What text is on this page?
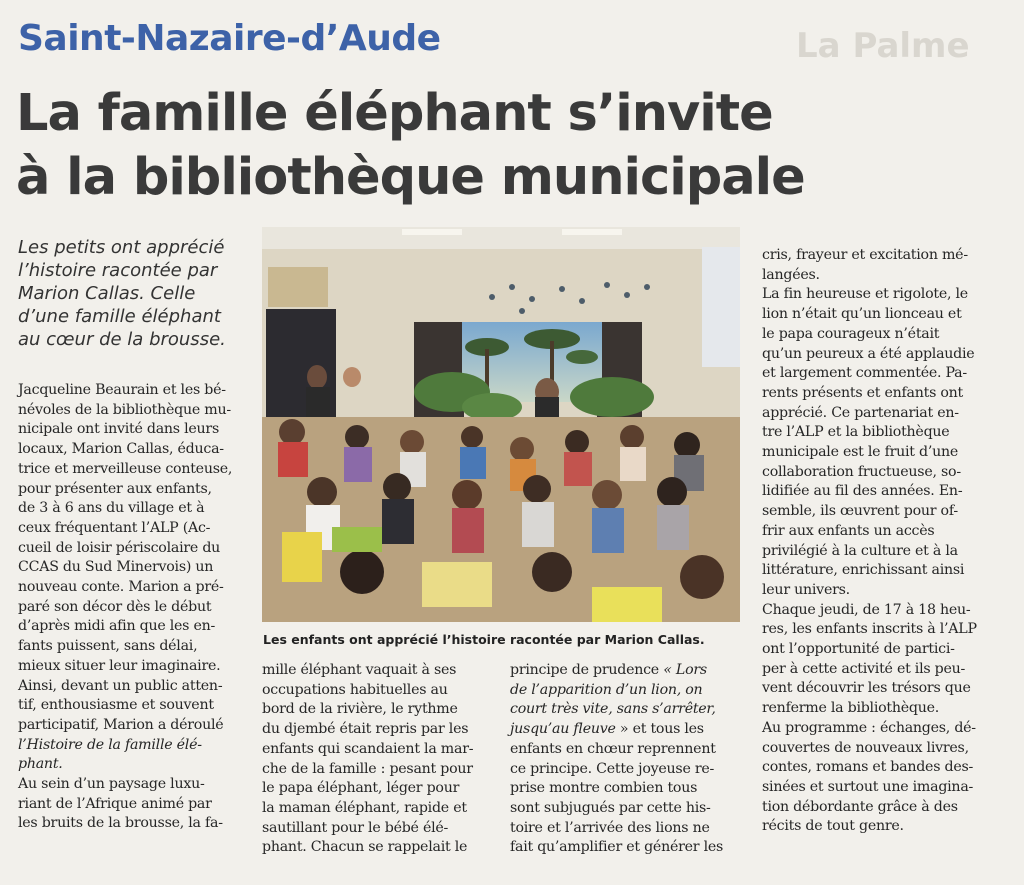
La Palme
Saint-Nazaire-d’Aude
La famille éléphant s’invite
à la bibliothèque municipale
Les petits ont apprécié
l’histoire racontée par
Marion Callas. Celle
d’une famille éléphant
au cœur de la brousse.
Les enfants ont apprécié l’histoire racontée par Marion Callas.
Jacqueline Beaurain et les bé-
névoles de la bibliothèque mu-
nicipale ont invité dans leurs
locaux, Marion Callas, éduca-
trice et merveilleuse conteuse,
pour présenter aux enfants,
de 3 à 6 ans du village et à
ceux fréquentant l’ALP (Ac-
cueil de loisir périscolaire du
CCAS du Sud Minervois) un
nouveau conte. Marion a pré-
paré son décor dès le début
d’après midi afin que les en-
fants puissent, sans délai,
mieux situer leur imaginaire.
Ainsi, devant un public atten-
tif, enthousiasme et souvent
participatif, Marion a déroulé
l’Histoire de la famille élé-
phant.
Au sein d’un paysage luxu-
riant de l’Afrique animé par
les bruits de la brousse, la fa-
mille éléphant vaquait à ses
occupations habituelles au
bord de la rivière, le rythme
du djembé était repris par les
enfants qui scandaient la mar-
che de la famille : pesant pour
le papa éléphant, léger pour
la maman éléphant, rapide et
sautillant pour le bébé élé-
phant. Chacun se rappelait le
principe de prudence « Lors
de l’apparition d’un lion, on
court très vite, sans s’arrêter,
jusqu’au fleuve » et tous les
enfants en chœur reprennent
ce principe. Cette joyeuse re-
prise montre combien tous
sont subjugués par cette his-
toire et l’arrivée des lions ne
fait qu’amplifier et générer les
cris, frayeur et excitation mé-
langées.
La fin heureuse et rigolote, le
lion n’était qu’un lionceau et
le papa courageux n’était
qu’un peureux a été applaudie
et largement commentée. Pa-
rents présents et enfants ont
apprécié. Ce partenariat en-
tre l’ALP et la bibliothèque
municipale est le fruit d’une
collaboration fructueuse, so-
lidifiée au fil des années. En-
semble, ils œuvrent pour of-
frir aux enfants un accès
privilégié à la culture et à la
littérature, enrichissant ainsi
leur univers.
Chaque jeudi, de 17 à 18 heu-
res, les enfants inscrits à l’ALP
ont l’opportunité de partici-
per à cette activité et ils peu-
vent découvrir les trésors que
renferme la bibliothèque.
Au programme : échanges, dé-
couvertes de nouveaux livres,
contes, romans et bandes des-
sinées et surtout une imagina-
tion débordante grâce à des
récits de tout genre.
